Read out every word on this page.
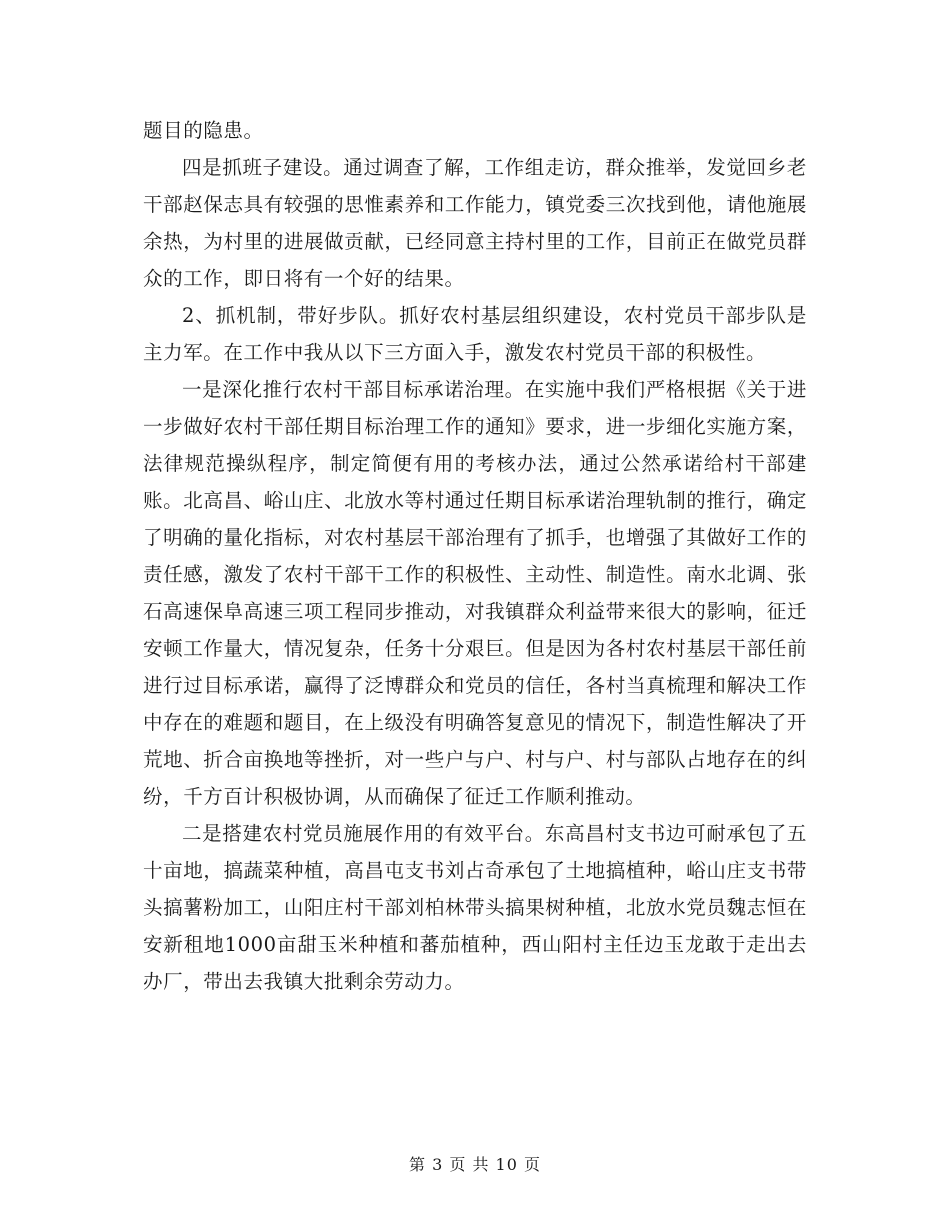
题目的隐患。

四是抓班子建设。通过调查了解，工作组走访，群众推举，发觉回乡老干部赵保志具有较强的思惟素养和工作能力，镇党委三次找到他，请他施展余热，为村里的进展做贡献，已经同意主持村里的工作，目前正在做党员群众的工作，即日将有一个好的结果。

2、抓机制，带好步队。抓好农村基层组织建设，农村党员干部步队是主力军。在工作中我从以下三方面入手，激发农村党员干部的积极性。

一是深化推行农村干部目标承诺治理。在实施中我们严格根据《关于进一步做好农村干部任期目标治理工作的通知》要求，进一步细化实施方案，法律规范操纵程序，制定简便有用的考核办法，通过公然承诺给村干部建账。北高昌、峪山庄、北放水等村通过任期目标承诺治理轨制的推行，确定了明确的量化指标，对农村基层干部治理有了抓手，也增强了其做好工作的责任感，激发了农村干部干工作的积极性、主动性、制造性。南水北调、张石高速保阜高速三项工程同步推动，对我镇群众利益带来很大的影响，征迁安顿工作量大，情况复杂，任务十分艰巨。但是因为各村农村基层干部任前进行过目标承诺，赢得了泛博群众和党员的信任，各村当真梳理和解决工作中存在的难题和题目，在上级没有明确答复意见的情况下，制造性解决了开荒地、折合亩换地等挫折，对一些户与户、村与户、村与部队占地存在的纠纷，千方百计积极协调，从而确保了征迁工作顺利推动。

二是搭建农村党员施展作用的有效平台。东高昌村支书边可耐承包了五十亩地，搞蔬菜种植，高昌屯支书刘占奇承包了土地搞植种，峪山庄支书带头搞薯粉加工，山阳庄村干部刘柏林带头搞果树种植，北放水党员魏志恒在安新租地1000亩甜玉米种植和蕃茄植种，西山阳村主任边玉龙敢于走出去办厂，带出去我镇大批剩余劳动力。

第 3 页 共 10 页
